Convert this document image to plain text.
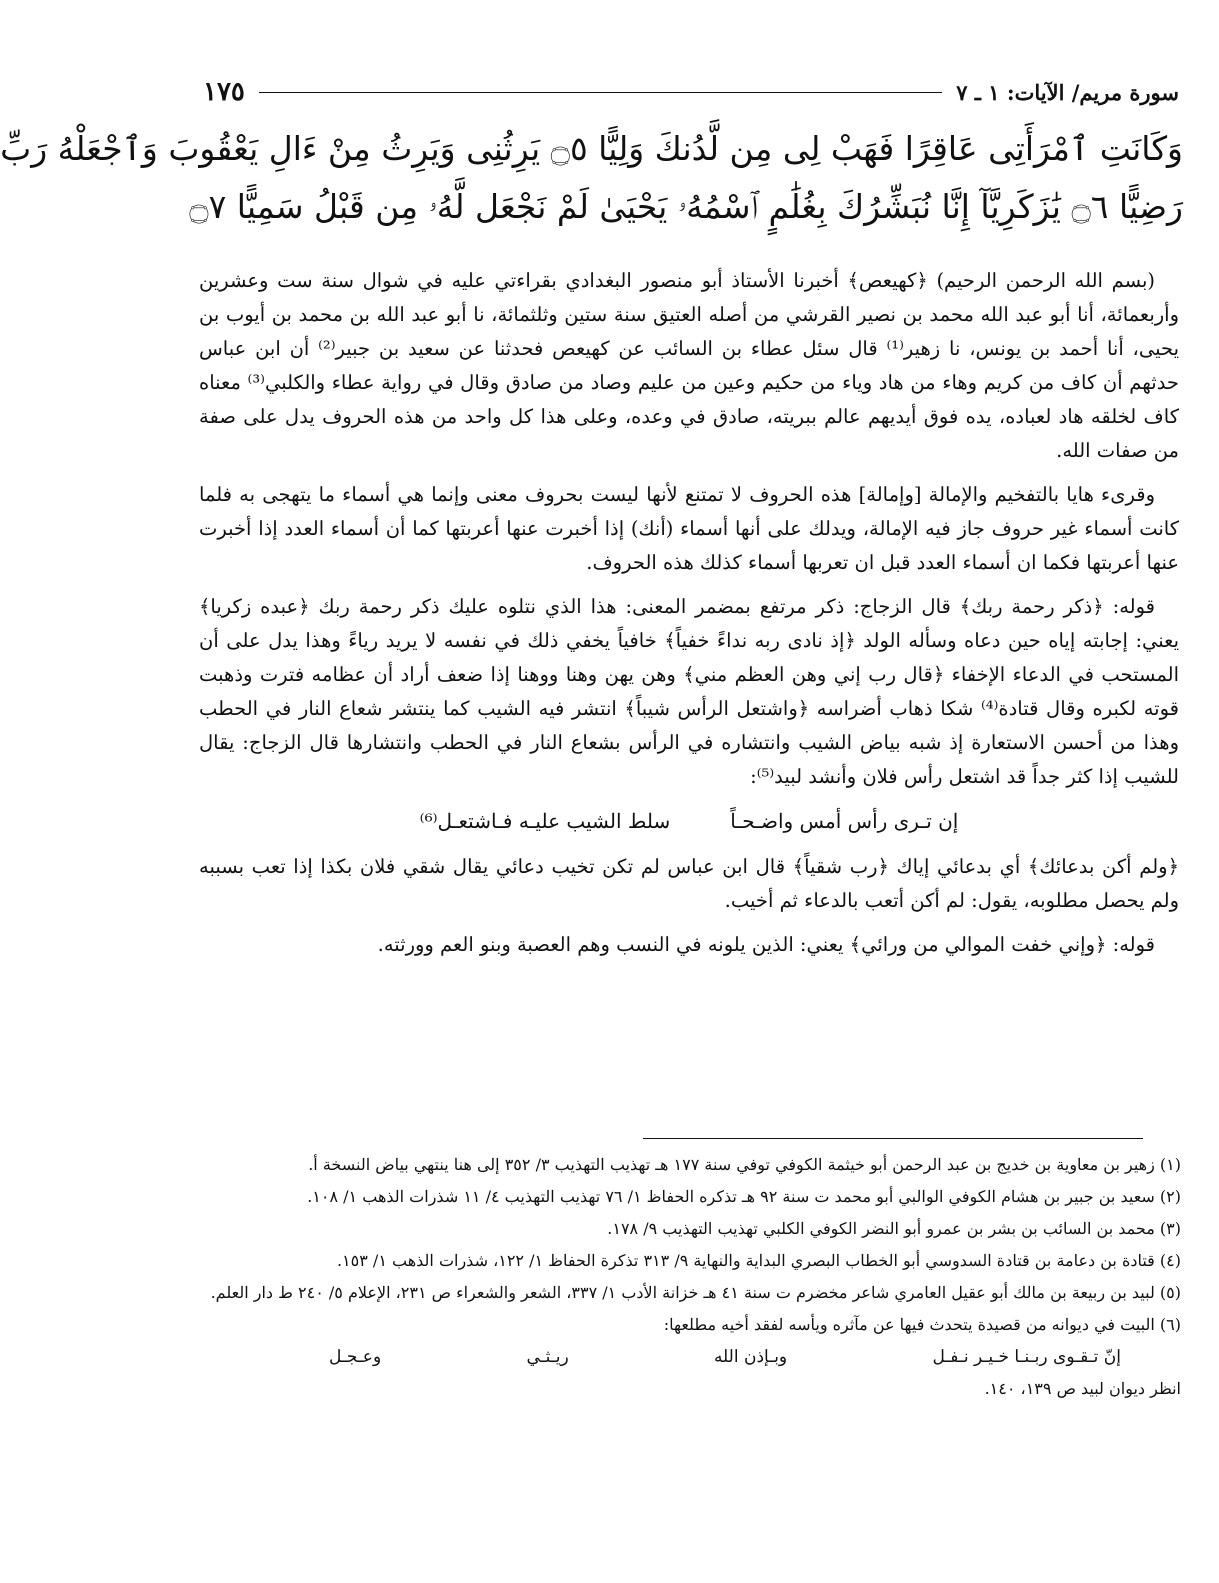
سورة مريم/ الآيات: ١ ـ ٧
١٧٥
وَكَانَتِ ٱمْرَأَتِى عَاقِرًا فَهَبْ لِى مِن لَّدُنكَ وَلِيًّا ۝٥ يَرِثُنِى وَيَرِثُ مِنْ ءَالِ يَعْقُوبَ وَٱجْعَلْهُ رَبِّ
رَضِيًّا ۝٦ يَٰزَكَرِيَّآ إِنَّا نُبَشِّرُكَ بِغُلَٰمٍ ٱسْمُهُۥ يَحْيَىٰ لَمْ نَجْعَل لَّهُۥ مِن قَبْلُ سَمِيًّا ۝٧

(بسم الله الرحمن الرحيم) ﴿كهيعص﴾ أخبرنا الأستاذ أبو منصور البغدادي بقراءتي عليه في شوال سنة ست وعشرين وأربعمائة، أنا أبو عبد الله محمد بن نصير القرشي من أصله العتيق سنة ستين وثلثمائة، نا أبو عبد الله بن محمد بن أيوب بن يحيى، أنا أحمد بن يونس، نا زهير⁽¹⁾ قال سئل عطاء بن السائب عن كهيعص فحدثنا عن سعيد بن جبير⁽²⁾ أن ابن عباس حدثهم أن كاف من كريم وهاء من هاد وياء من حكيم وعين من عليم وصاد من صادق وقال في رواية عطاء والكلبي⁽³⁾ معناه كاف لخلقه هاد لعباده، يده فوق أيديهم عالم ببريته، صادق في وعده، وعلى هذا كل واحد من هذه الحروف يدل على صفة من صفات الله.

وقرىء هايا بالتفخيم والإمالة [وإمالة] هذه الحروف لا تمتنع لأنها ليست بحروف معنى وإنما هي أسماء ما يتهجى به فلما كانت أسماء غير حروف جاز فيه الإمالة، ويدلك على أنها أسماء (أنك) إذا أخبرت عنها أعربتها كما أن أسماء العدد إذا أخبرت عنها أعربتها فكما ان أسماء العدد قبل ان تعربها أسماء كذلك هذه الحروف.

قوله: ﴿ذكر رحمة ربك﴾ قال الزجاج: ذكر مرتفع بمضمر المعنى: هذا الذي نتلوه عليك ذكر رحمة ربك ﴿عبده زكريا﴾ يعني: إجابته إياه حين دعاه وسأله الولد ﴿إذ نادى ربه نداءً خفياً﴾ خافياً يخفي ذلك في نفسه لا يريد رياءً وهذا يدل على أن المستحب في الدعاء الإخفاء ﴿قال رب إني وهن العظم مني﴾ وهن يهن وهنا ووهنا إذا ضعف أراد أن عظامه فترت وذهبت قوته لكبره وقال قتادة⁽⁴⁾ شكا ذهاب أضراسه ﴿واشتعل الرأس شيباً﴾ انتشر فيه الشيب كما ينتشر شعاع النار في الحطب وهذا من أحسن الاستعارة إذ شبه بياض الشيب وانتشاره في الرأس بشعاع النار في الحطب وانتشارها قال الزجاج: يقال للشيب إذا كثر جداً قد اشتعل رأس فلان وأنشد لبيد⁽⁵⁾:

إن تـرى رأس أمس واضـحـاً
سلط الشيب عليـه فـاشتعـل⁽⁶⁾

﴿ولم أكن بدعائك﴾ أي بدعائي إياك ﴿رب شقياً﴾ قال ابن عباس لم تكن تخيب دعائي يقال شقي فلان بكذا إذا تعب بسببه ولم يحصل مطلوبه، يقول: لم أكن أتعب بالدعاء ثم أخيب.

قوله: ﴿وإني خفت الموالي من ورائي﴾ يعني: الذين يلونه في النسب وهم العصبة وبنو العم وورثته.

(١) زهير بن معاوية بن خديج بن عبد الرحمن أبو خيثمة الكوفي توفي سنة ١٧٧ هـ تهذيب التهذيب ٣/ ٣٥٢ إلى هنا ينتهي بياض النسخة أ.

(٢) سعيد بن جبير بن هشام الكوفي الوالبي أبو محمد ت سنة ٩٢ هـ تذكره الحفاظ ١/ ٧٦ تهذيب التهذيب ٤/ ١١ شذرات الذهب ١/ ١٠٨.

(٣) محمد بن السائب بن بشر بن عمرو أبو النضر الكوفي الكلبي تهذيب التهذيب ٩/ ١٧٨.

(٤) قتادة بن دعامة بن قتادة السدوسي أبو الخطاب البصري البداية والنهاية ٩/ ٣١٣ تذكرة الحفاظ ١/ ١٢٢، شذرات الذهب ١/ ١٥٣.

(٥) لبيد بن ربيعة بن مالك أبو عقيل العامري شاعر مخضرم ت سنة ٤١ هـ خزانة الأدب ١/ ٣٣٧، الشعر والشعراء ص ٢٣١، الإعلام ٥/ ٢٤٠ ط دار العلم.

(٦) البيت في ديوانه من قصيدة يتحدث فيها عن مآثره ويأسه لفقد أخيه مطلعها:

إنّ تـقـوى ربـنـا خـيـر نـفـل
وبـإذن الله
ريـثـي
وعـجـل

انظر ديوان لبيد ص ١٣٩، ١٤٠.
